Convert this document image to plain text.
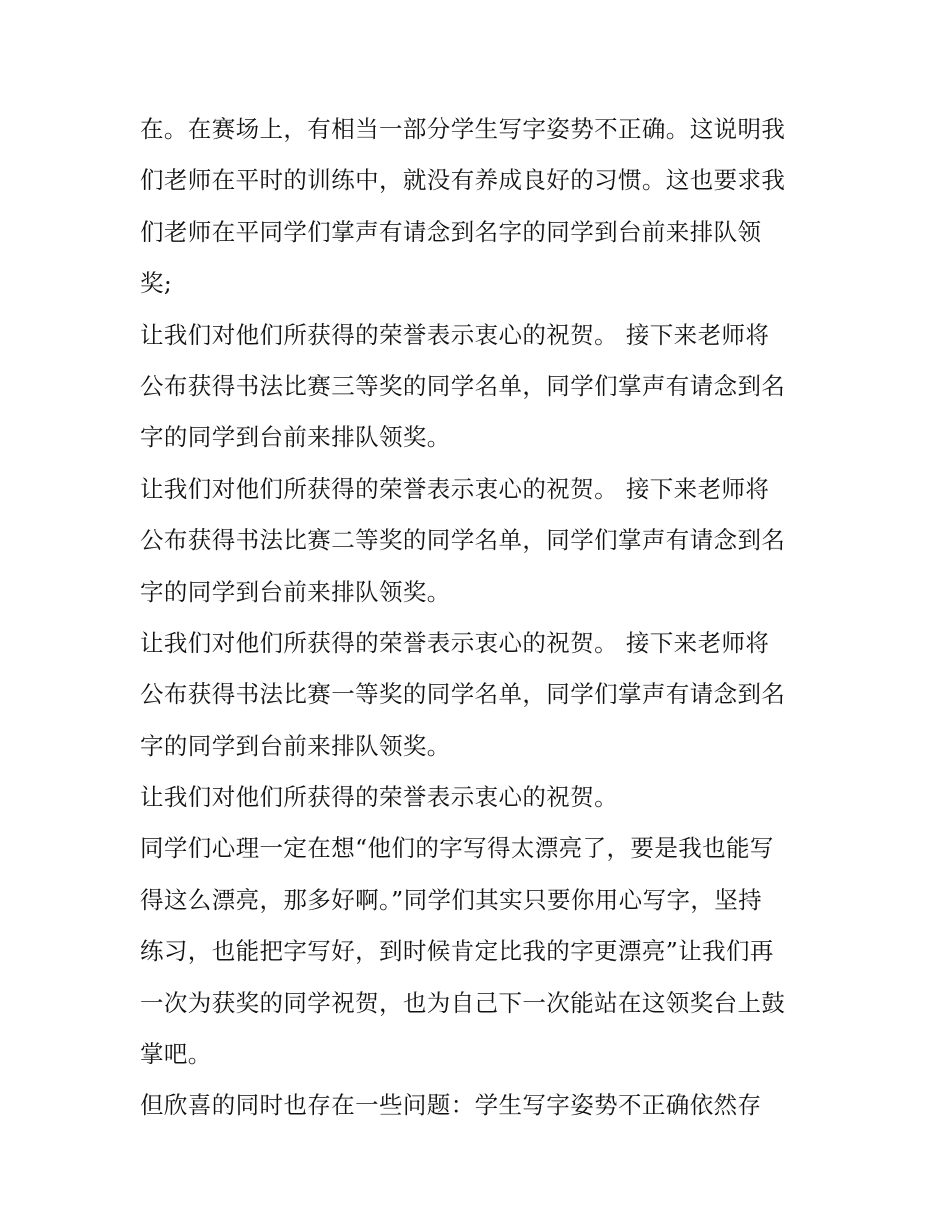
在。在赛场上，有相当一部分学生写字姿势不正确。这说明我
们老师在平时的训练中，就没有养成良好的习惯。这也要求我
们老师在平同学们掌声有请念到名字的同学到台前来排队领
奖;
让我们对他们所获得的荣誉表示衷心的祝贺。 接下来老师将
公布获得书法比赛三等奖的同学名单，同学们掌声有请念到名
字的同学到台前来排队领奖。
让我们对他们所获得的荣誉表示衷心的祝贺。 接下来老师将
公布获得书法比赛二等奖的同学名单，同学们掌声有请念到名
字的同学到台前来排队领奖。
让我们对他们所获得的荣誉表示衷心的祝贺。 接下来老师将
公布获得书法比赛一等奖的同学名单，同学们掌声有请念到名
字的同学到台前来排队领奖。
让我们对他们所获得的荣誉表示衷心的祝贺。
同学们心理一定在想“他们的字写得太漂亮了，要是我也能写
得这么漂亮，那多好啊。”同学们其实只要你用心写字，坚持
练习，也能把字写好，到时候肯定比我的字更漂亮”让我们再
一次为获奖的同学祝贺，也为自己下一次能站在这领奖台上鼓
掌吧。
但欣喜的同时也存在一些问题：学生写字姿势不正确依然存
